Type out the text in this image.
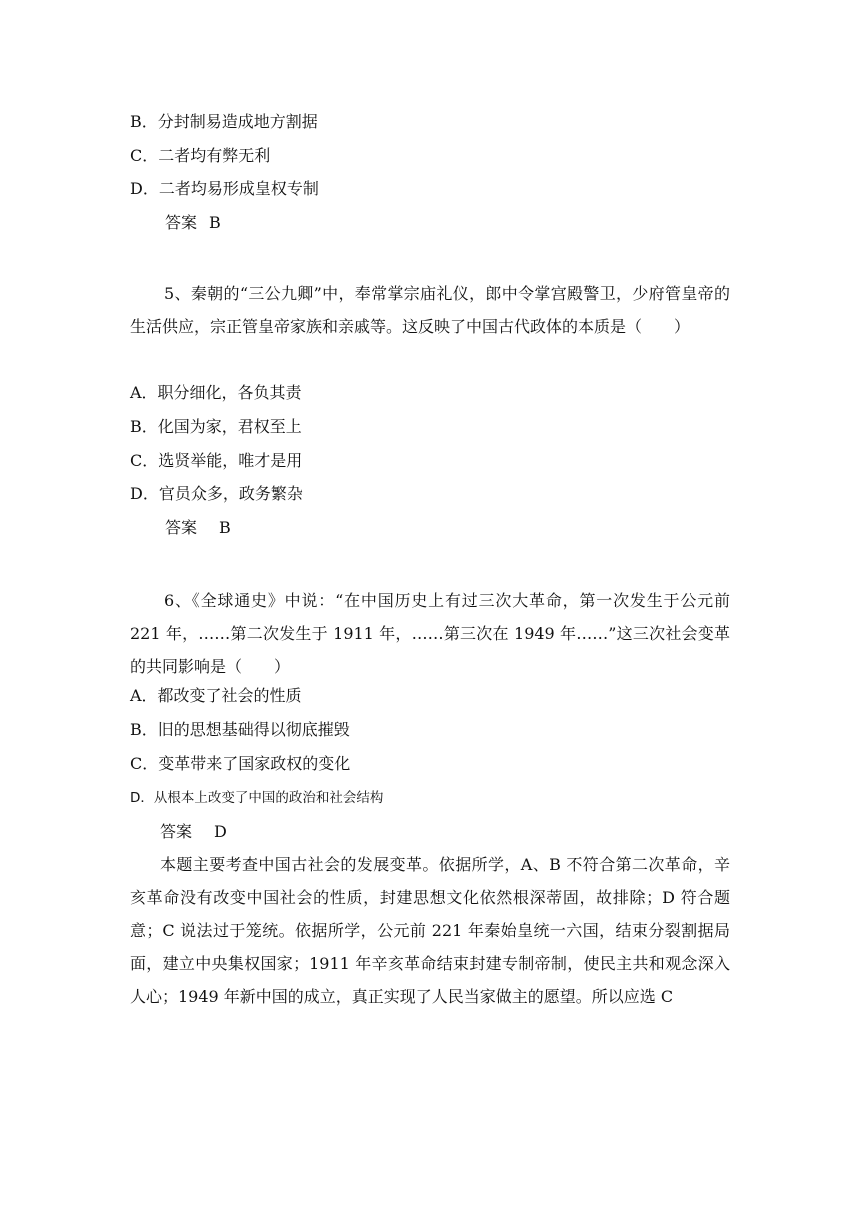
B．分封制易造成地方割据
C．二者均有弊无利
D．二者均易形成皇权专制
答案 B
5、秦朝的“三公九卿”中，奉常掌宗庙礼仪，郎中令掌宫殿警卫，少府管皇帝的生活供应，宗正管皇帝家族和亲戚等。这反映了中国古代政体的本质是（　　）
A．职分细化，各负其责
B．化国为家，君权至上
C．选贤举能，唯才是用
D．官员众多，政务繁杂
答案 B
6、《全球通史》中说：“在中国历史上有过三次大革命，第一次发生于公元前 221 年，……第二次发生于 1911 年，……第三次在 1949 年……”这三次社会变革的共同影响是（　　）
A．都改变了社会的性质
B．旧的思想基础得以彻底摧毁
C．变革带来了国家政权的变化
D．从根本上改变了中国的政治和社会结构
答案 D
本题主要考查中国古社会的发展变革。依据所学，A、B 不符合第二次革命，辛亥革命没有改变中国社会的性质，封建思想文化依然根深蒂固，故排除；D 符合题意；C 说法过于笼统。依据所学，公元前 221 年秦始皇统一六国，结束分裂割据局面，建立中央集权国家；1911 年辛亥革命结束封建专制帝制，使民主共和观念深入人心；1949 年新中国的成立，真正实现了人民当家做主的愿望。所以应选 C
